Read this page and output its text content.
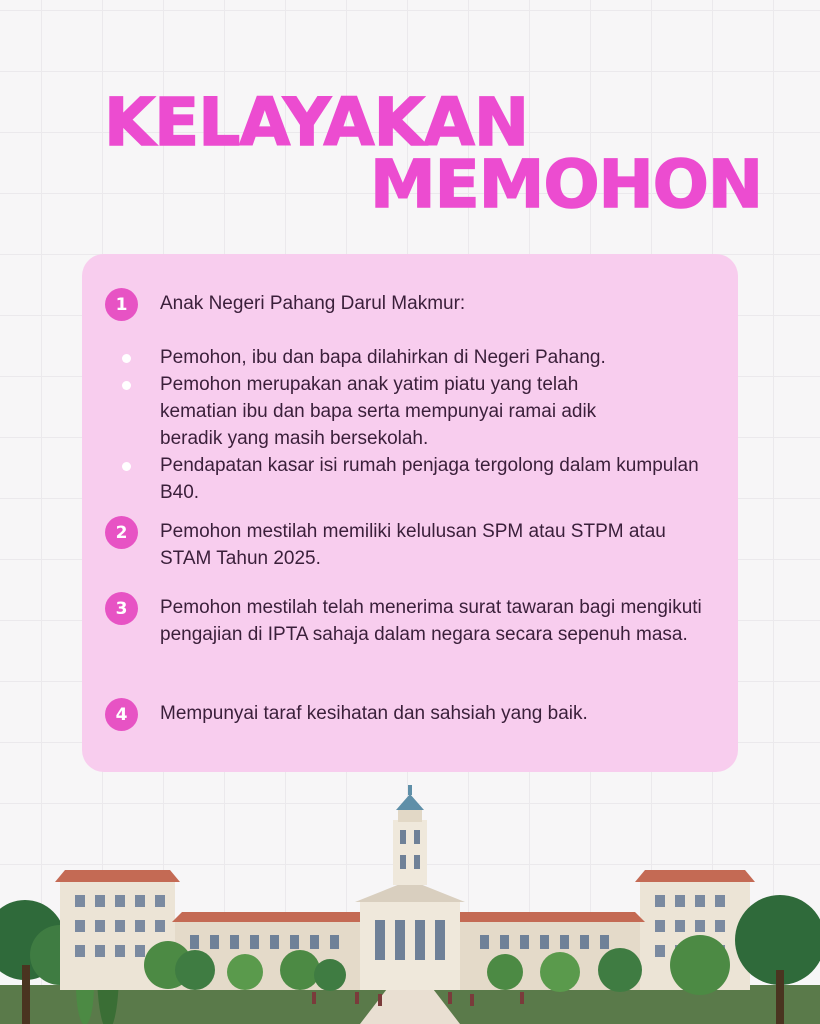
KELAYAKAN
MEMOHON
1	Anak Negeri Pahang Darul Makmur:

Pemohon, ibu dan bapa dilahirkan di Negeri Pahang.

Pemohon merupakan anak yatim piatu yang telah kematian ibu dan bapa serta mempunyai ramai adik beradik yang masih bersekolah.

Pendapatan kasar isi rumah penjaga tergolong dalam kumpulan B40.

2	Pemohon mestilah memiliki kelulusan SPM atau STPM atau STAM Tahun 2025.

3	Pemohon mestilah telah menerima surat tawaran bagi mengikuti pengajian di IPTA sahaja dalam negara secara sepenuh masa.

4	Mempunyai taraf kesihatan dan sahsiah yang baik.
